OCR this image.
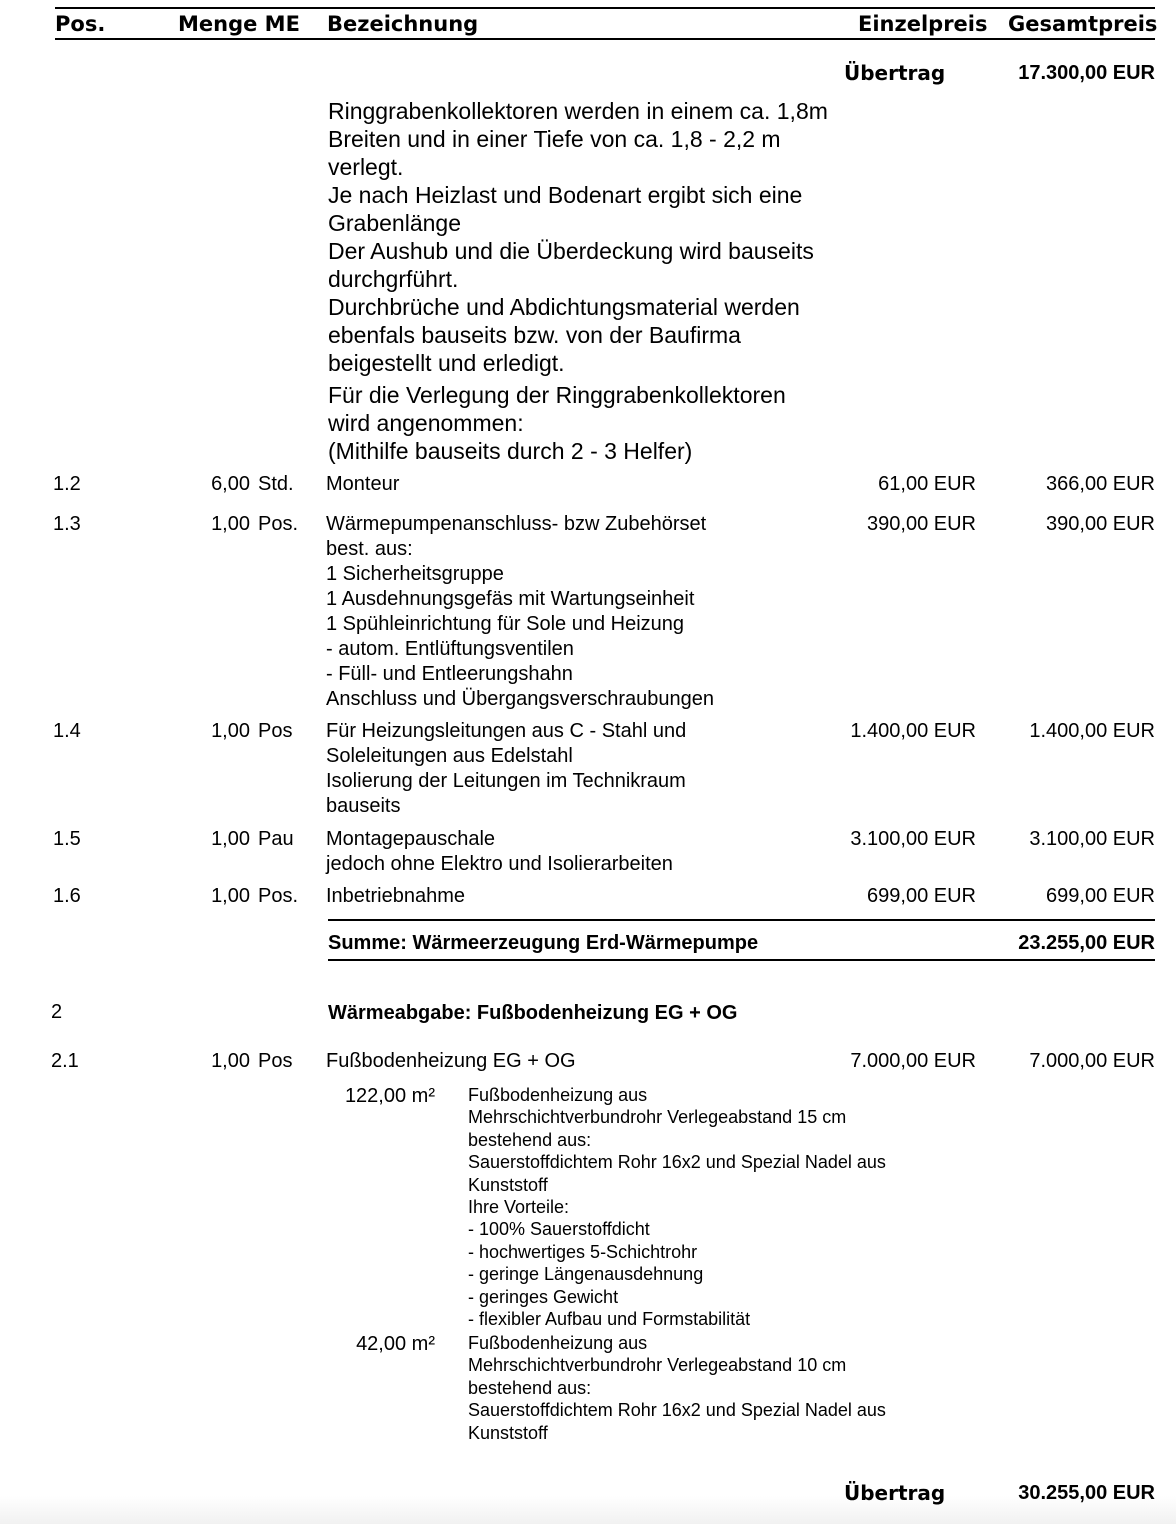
Pos.	Menge ME Bezeichnung	Einzelpreis Gesamtpreis
Übertrag	17.300,00 EUR
Ringgrabenkollektoren werden in einem ca. 1,8m
Breiten und in einer Tiefe von ca. 1,8 - 2,2 m
verlegt.
Je nach Heizlast und Bodenart ergibt sich eine
Grabenlänge
Der Aushub und die Überdeckung wird bauseits
durchgrführt.
Durchbrüche und Abdichtungsmaterial werden
ebenfals bauseits bzw. von der Baufirma
beigestellt und erledigt.
Für die Verlegung der Ringgrabenkollektoren
wird angenommen:
(Mithilfe bauseits durch 2 - 3 Helfer)
1.2	6,00 Std. Monteur	61,00 EUR	366,00 EUR
1.3	1,00 Pos. Wärmepumpenanschluss- bzw Zubehörset
best. aus:
1 Sicherheitsgruppe
1 Ausdehnungsgefäs mit Wartungseinheit
1 Spühleinrichtung für Sole und Heizung
- autom. Entlüftungsventilen
- Füll- und Entleerungshahn
Anschluss und Übergangsverschraubungen
390,00 EUR	390,00 EUR
1.4	1,00 Pos Für Heizungsleitungen aus C - Stahl und
Soleleitungen aus Edelstahl
Isolierung der Leitungen im Technikraum
bauseits
1.400,00 EUR	1.400,00 EUR
1.5	1,00 Pau Montagepauschale
jedoch ohne Elektro und Isolierarbeiten
3.100,00 EUR	3.100,00 EUR
1.6	1,00 Pos. Inbetriebnahme	699,00 EUR	699,00 EUR
Summe: Wärmeerzeugung Erd-Wärmepumpe	23.255,00 EUR
2	Wärmeabgabe: Fußbodenheizung EG + OG
2.1	1,00 Pos Fußbodenheizung EG + OG	7.000,00 EUR	7.000,00 EUR
122,00 m² Fußbodenheizung aus
Mehrschichtverbundrohr Verlegeabstand 15 cm
bestehend aus:
Sauerstoffdichtem Rohr 16x2 und Spezial Nadel aus
Kunststoff
Ihre Vorteile:
- 100% Sauerstoffdicht
- hochwertiges 5-Schichtrohr
- geringe Längenausdehnung
- geringes Gewicht
- flexibler Aufbau und Formstabilität
42,00 m² Fußbodenheizung aus
Mehrschichtverbundrohr Verlegeabstand 10 cm
bestehend aus:
Sauerstoffdichtem Rohr 16x2 und Spezial Nadel aus
Kunststoff
Übertrag	30.255,00 EUR
